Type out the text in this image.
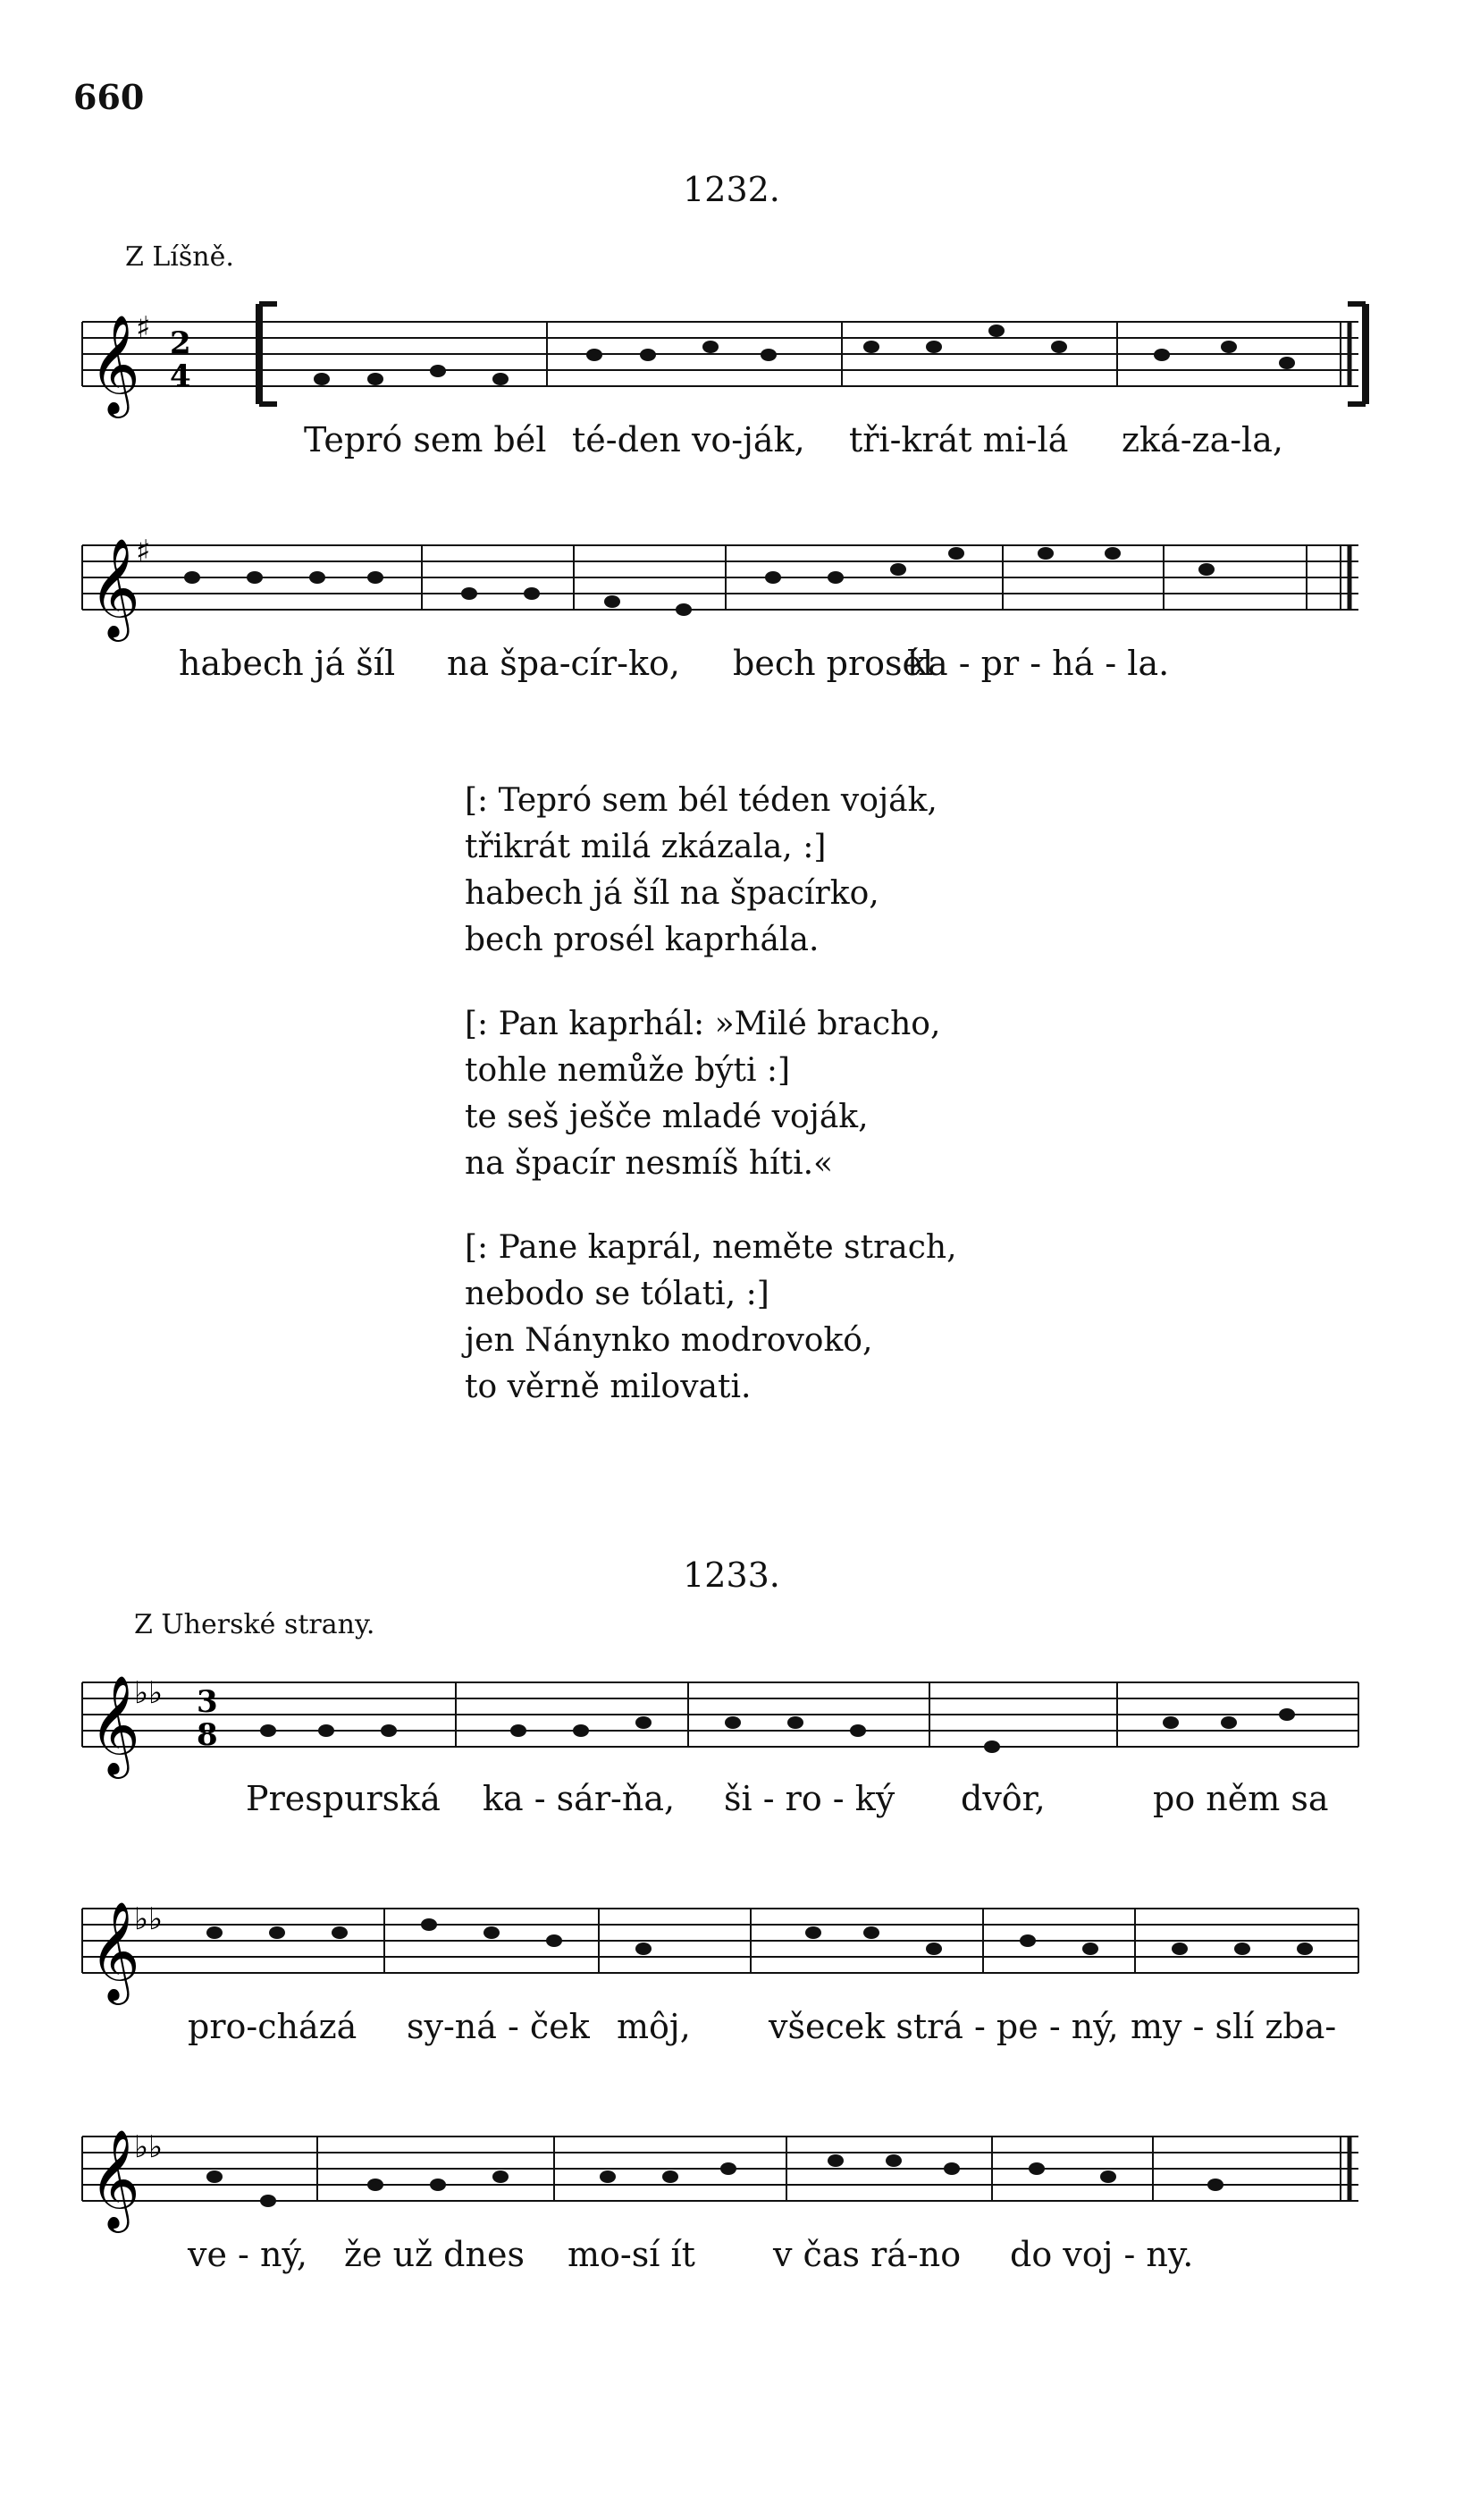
660
1232.
Z Líšně.
𝄞 2
4
♯
𝄞
♯
𝄞
♭♭ 3
8
𝄞
♭♭
𝄞
♭♭
Tepró sem bél té-den vo-ják, tři-krát mi-lá zká-za-la,
habech já šíl na špa-cír-ko, bech prosél
ka - pr - há - la.
[: Tepró sem bél téden voják,
třikrát milá zkázala, :]
habech já šíl na špacírko,
bech prosél kaprhála.
[: Pan kaprhál: »Milé bracho,
tohle nemůže býti :]
te seš ješče mladé voják,
na špacír nesmíš híti.«
[: Pane kaprál, neměte strach,
nebodo se tólati, :]
jen Nánynko modrovokó,
to věrně milovati.
1233.
Z Uherské strany.
Prespurská ka - sár-ňa, ši - ro - ký dvôr,	po něm sa
pro-cházá sy-ná - ček môj, všecek strá - pe - ný, my - slí zba-
ve - ný, že už dnes mo-sí ít v čas rá-no do voj - ny.
